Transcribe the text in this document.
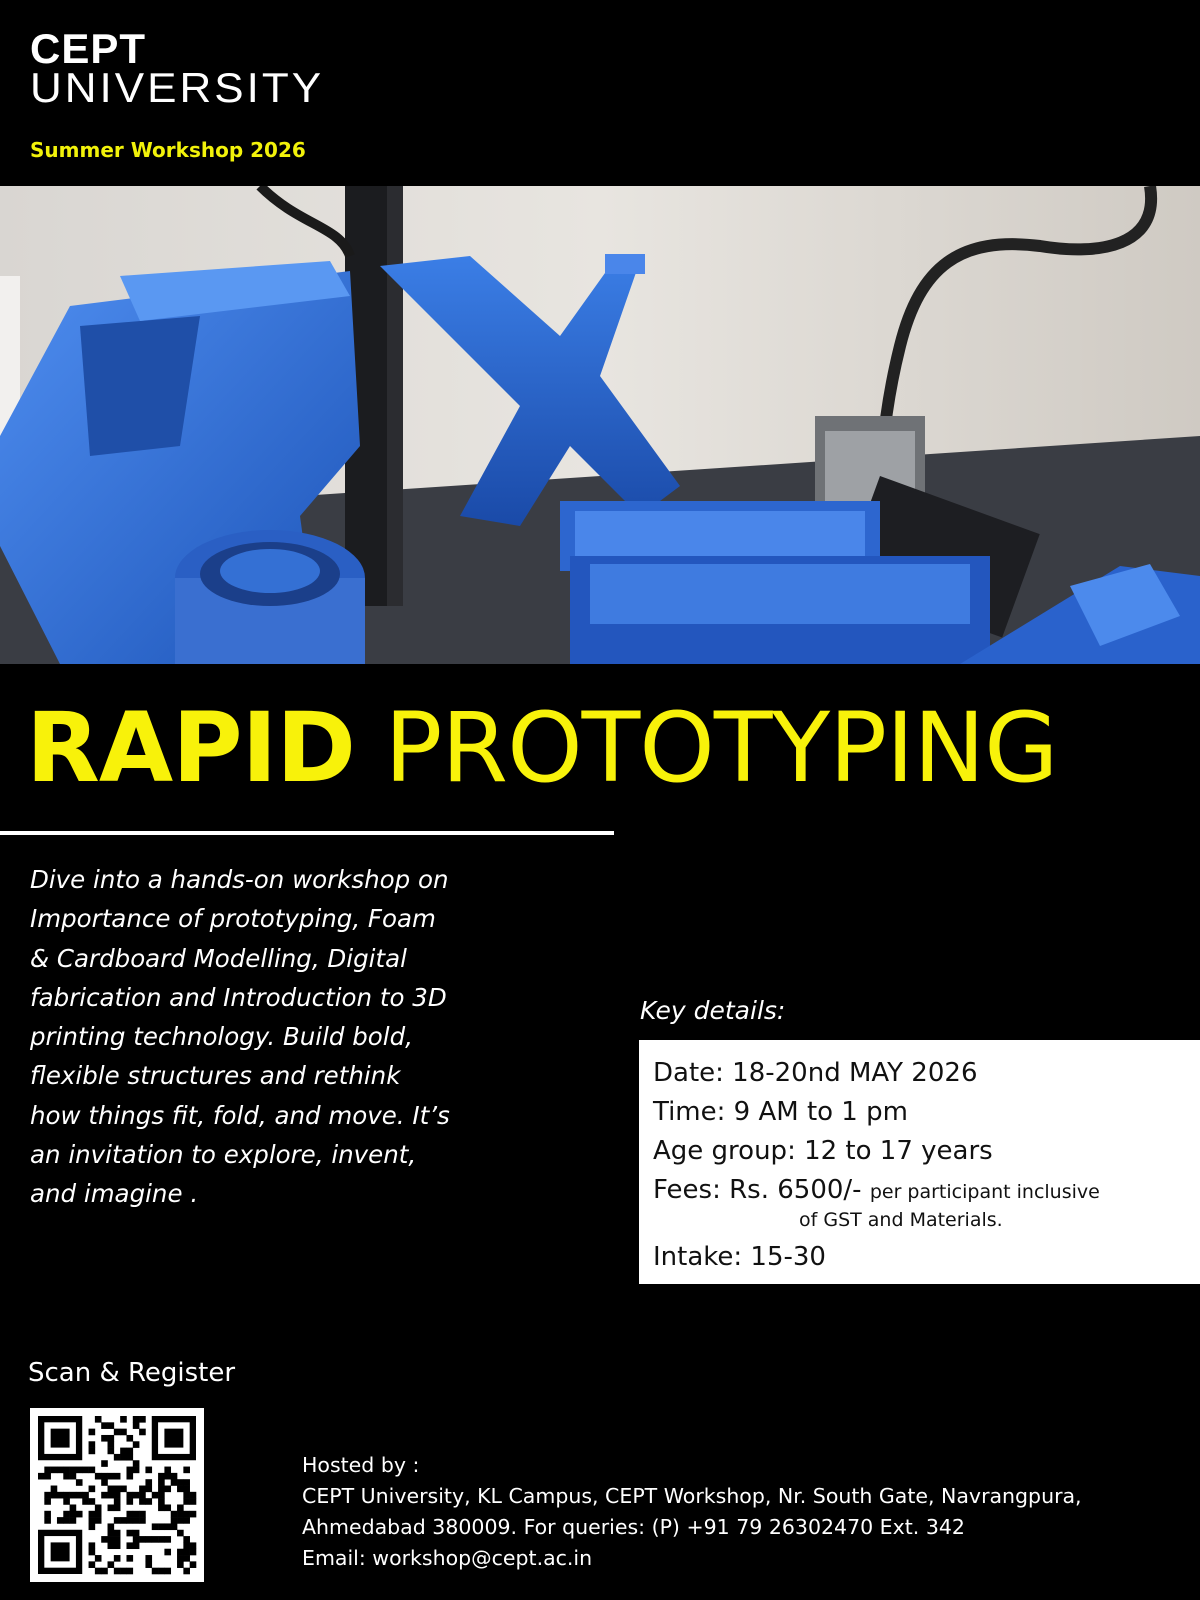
CEPT
UNIVERSITY
Summer Workshop 2026
RAPID PROTOTYPING
Dive into a hands-on workshop on Importance of prototyping, Foam & Cardboard Modelling, Digital fabrication and Introduction to 3D printing technology. Build bold, flexible structures and rethink how things fit, fold, and move. It’s an invitation to explore, invent, and imagine .
Key details:
Date: 18-20nd MAY 2026
Time: 9 AM to 1 pm
Age group: 12 to 17 years
Fees: Rs. 6500/- per participant inclusive
of GST and Materials.
Intake: 15-30
Scan & Register
Hosted by :
CEPT University, KL Campus, CEPT Workshop, Nr. South Gate, Navrangpura,
Ahmedabad 380009. For queries: (P) +91 79 26302470 Ext. 342
Email: workshop@cept.ac.in
